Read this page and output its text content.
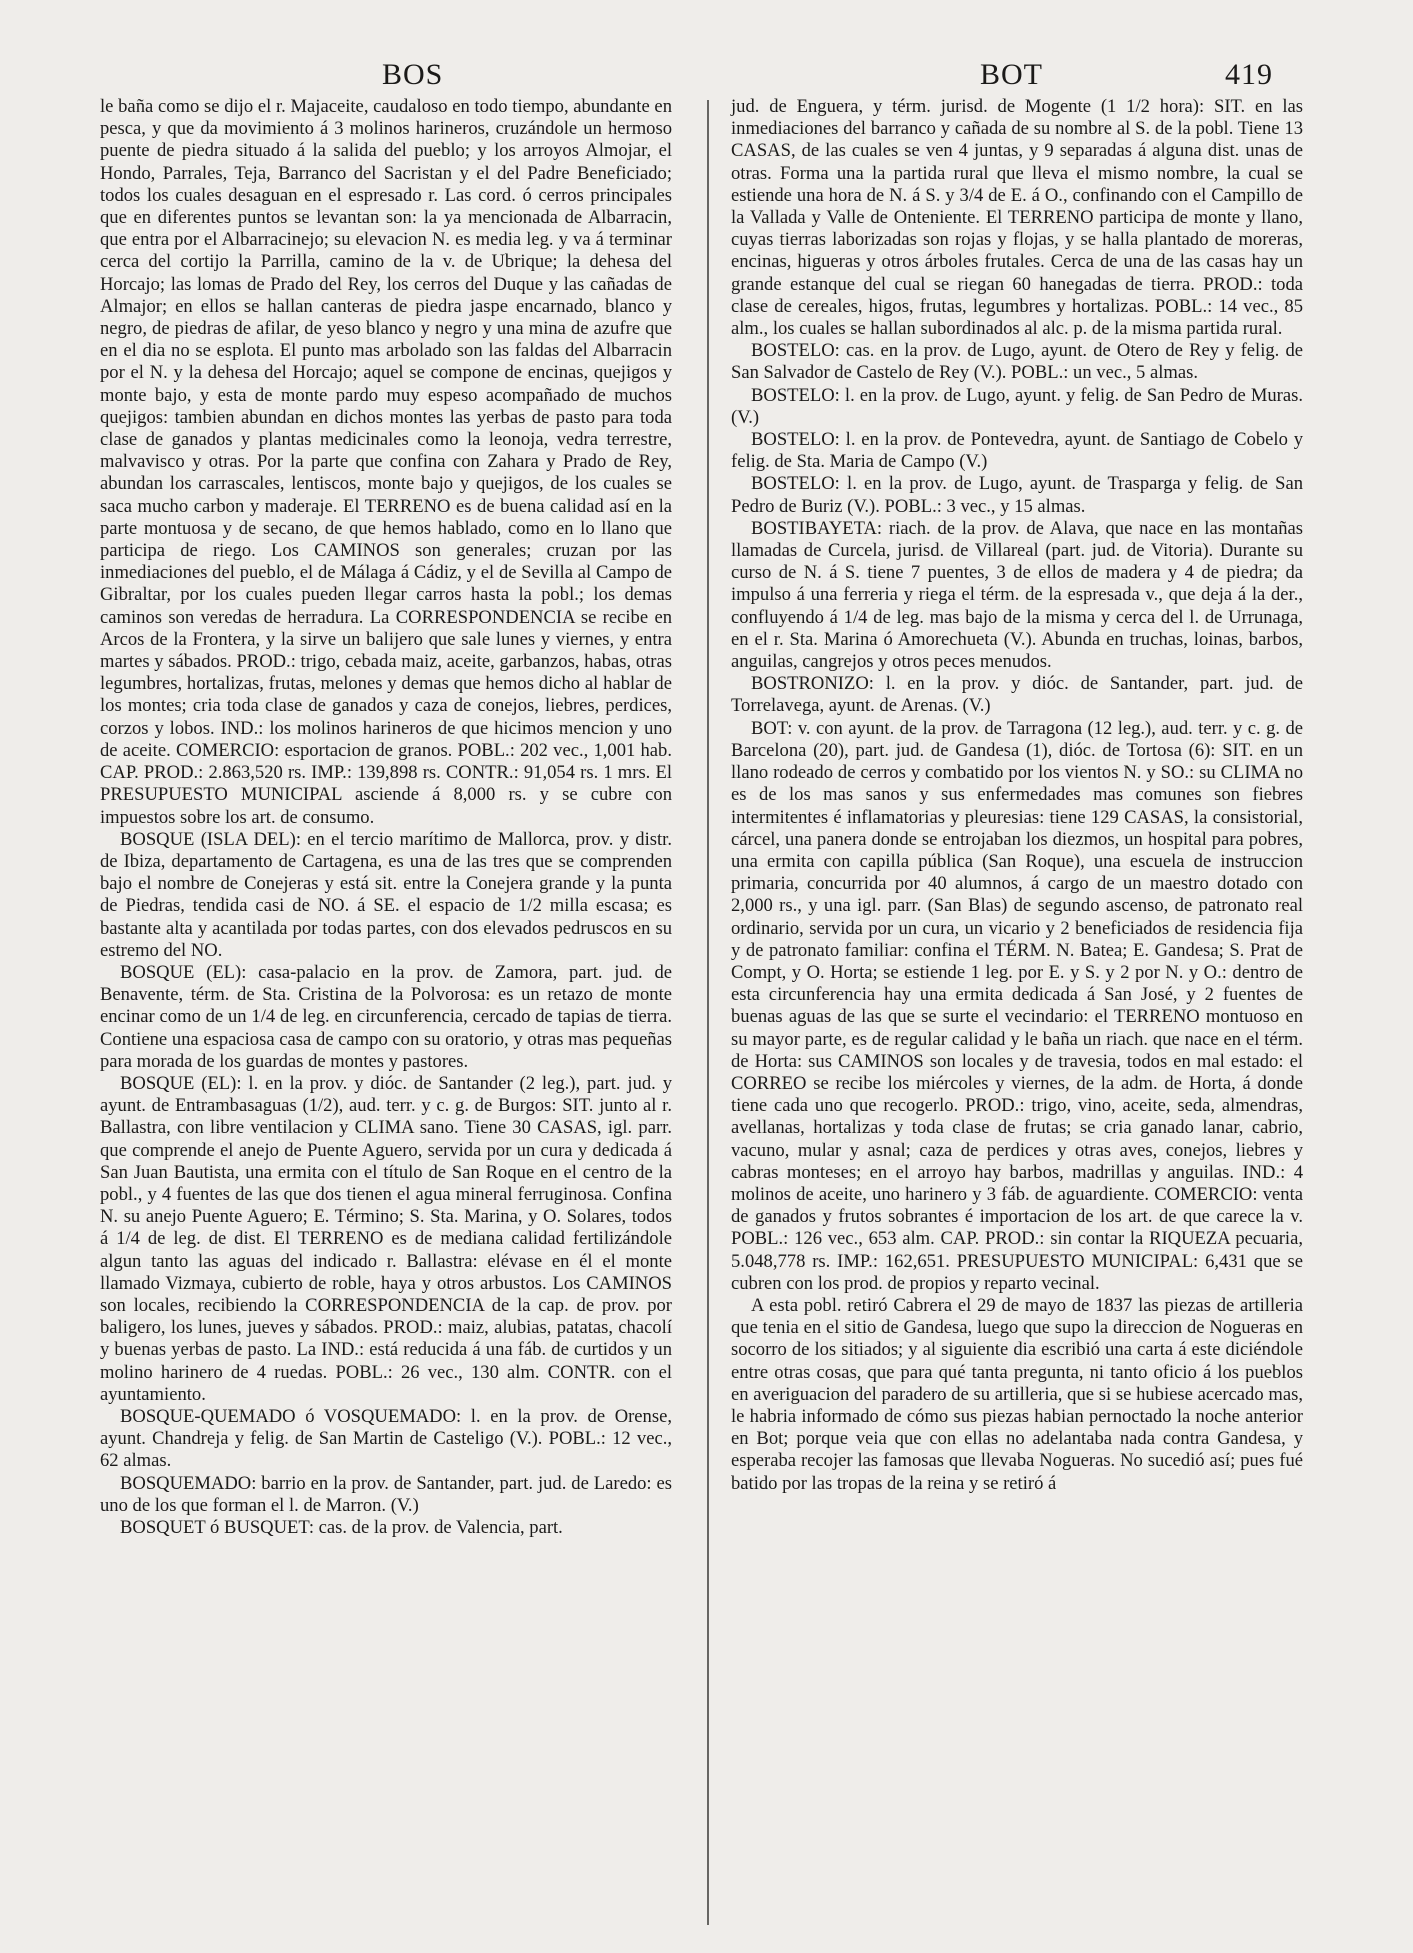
BOS	BOT	419

le baña como se dijo el r. Majaceite, caudaloso en todo tiempo, abundante en pesca, y que da movimiento á 3 molinos harineros, cruzándole un hermoso puente de piedra situado á la salida del pueblo; y los arroyos Almojar, el Hondo, Parrales, Teja, Barranco del Sacristan y el del Padre Beneficiado; todos los cuales desaguan en el espresado r. Las cord. ó cerros principales que en diferentes puntos se levantan son: la ya mencionada de Albarracin, que entra por el Albarracinejo; su elevacion N. es media leg. y va á terminar cerca del cortijo la Parrilla, camino de la v. de Ubrique; la dehesa del Horcajo; las lomas de Prado del Rey, los cerros del Duque y las cañadas de Almajor; en ellos se hallan canteras de piedra jaspe encarnado, blanco y negro, de piedras de afilar, de yeso blanco y negro y una mina de azufre que en el dia no se esplota. El punto mas arbolado son las faldas del Albarracin por el N. y la dehesa del Horcajo; aquel se compone de encinas, quejigos y monte bajo, y esta de monte pardo muy espeso acompañado de muchos quejigos: tambien abundan en dichos montes las yerbas de pasto para toda clase de ganados y plantas medicinales como la leonoja, vedra terrestre, malvavisco y otras. Por la parte que confina con Zahara y Prado de Rey, abundan los carrascales, lentiscos, monte bajo y quejigos, de los cuales se saca mucho carbon y maderaje. El TERRENO es de buena calidad así en la parte montuosa y de secano, de que hemos hablado, como en lo llano que participa de riego. Los CAMINOS son generales; cruzan por las inmediaciones del pueblo, el de Málaga á Cádiz, y el de Sevilla al Campo de Gibraltar, por los cuales pueden llegar carros hasta la pobl.; los demas caminos son veredas de herradura. La CORRESPONDENCIA se recibe en Arcos de la Frontera, y la sirve un balijero que sale lunes y viernes, y entra martes y sábados. PROD.: trigo, cebada maiz, aceite, garbanzos, habas, otras legumbres, hortalizas, frutas, melones y demas que hemos dicho al hablar de los montes; cria toda clase de ganados y caza de conejos, liebres, perdices, corzos y lobos. IND.: los molinos harineros de que hicimos mencion y uno de aceite. COMERCIO: esportacion de granos. POBL.: 202 vec., 1,001 hab. CAP. PROD.: 2.863,520 rs. IMP.: 139,898 rs. CONTR.: 91,054 rs. 1 mrs. El PRESUPUESTO MUNICIPAL asciende á 8,000 rs. y se cubre con impuestos sobre los art. de consumo.

BOSQUE (ISLA DEL): en el tercio marítimo de Mallorca, prov. y distr. de Ibiza, departamento de Cartagena, es una de las tres que se comprenden bajo el nombre de Conejeras y está sit. entre la Conejera grande y la punta de Piedras, tendida casi de NO. á SE. el espacio de 1/2 milla escasa; es bastante alta y acantilada por todas partes, con dos elevados pedruscos en su estremo del NO.

BOSQUE (EL): casa-palacio en la prov. de Zamora, part. jud. de Benavente, térm. de Sta. Cristina de la Polvorosa: es un retazo de monte encinar como de un 1/4 de leg. en circunferencia, cercado de tapias de tierra. Contiene una espaciosa casa de campo con su oratorio, y otras mas pequeñas para morada de los guardas de montes y pastores.

BOSQUE (EL): l. en la prov. y dióc. de Santander (2 leg.), part. jud. y ayunt. de Entrambasaguas (1/2), aud. terr. y c. g. de Burgos: SIT. junto al r. Ballastra, con libre ventilacion y CLIMA sano. Tiene 30 CASAS, igl. parr. que comprende el anejo de Puente Aguero, servida por un cura y dedicada á San Juan Bautista, una ermita con el título de San Roque en el centro de la pobl., y 4 fuentes de las que dos tienen el agua mineral ferruginosa. Confina N. su anejo Puente Aguero; E. Término; S. Sta. Marina, y O. Solares, todos á 1/4 de leg. de dist. El TERRENO es de mediana calidad fertilizándole algun tanto las aguas del indicado r. Ballastra: elévase en él el monte llamado Vizmaya, cubierto de roble, haya y otros arbustos. Los CAMINOS son locales, recibiendo la CORRESPONDENCIA de la cap. de prov. por baligero, los lunes, jueves y sábados. PROD.: maiz, alubias, patatas, chacolí y buenas yerbas de pasto. La IND.: está reducida á una fáb. de curtidos y un molino harinero de 4 ruedas. POBL.: 26 vec., 130 alm. CONTR. con el ayuntamiento.

BOSQUE-QUEMADO ó VOSQUEMADO: l. en la prov. de Orense, ayunt. Chandreja y felig. de San Martin de Casteligo (V.). POBL.: 12 vec., 62 almas.

BOSQUEMADO: barrio en la prov. de Santander, part. jud. de Laredo: es uno de los que forman el l. de Marron. (V.)

BOSQUET ó BUSQUET: cas. de la prov. de Valencia, part.

jud. de Enguera, y térm. jurisd. de Mogente (1 1/2 hora): SIT. en las inmediaciones del barranco y cañada de su nombre al S. de la pobl. Tiene 13 CASAS, de las cuales se ven 4 juntas, y 9 separadas á alguna dist. unas de otras. Forma una la partida rural que lleva el mismo nombre, la cual se estiende una hora de N. á S. y 3/4 de E. á O., confinando con el Campillo de la Vallada y Valle de Onteniente. El TERRENO participa de monte y llano, cuyas tierras laborizadas son rojas y flojas, y se halla plantado de moreras, encinas, higueras y otros árboles frutales. Cerca de una de las casas hay un grande estanque del cual se riegan 60 hanegadas de tierra. PROD.: toda clase de cereales, higos, frutas, legumbres y hortalizas. POBL.: 14 vec., 85 alm., los cuales se hallan subordinados al alc. p. de la misma partida rural.

BOSTELO: cas. en la prov. de Lugo, ayunt. de Otero de Rey y felig. de San Salvador de Castelo de Rey (V.). POBL.: un vec., 5 almas.

BOSTELO: l. en la prov. de Lugo, ayunt. y felig. de San Pedro de Muras. (V.)

BOSTELO: l. en la prov. de Pontevedra, ayunt. de Santiago de Cobelo y felig. de Sta. Maria de Campo (V.)

BOSTELO: l. en la prov. de Lugo, ayunt. de Trasparga y felig. de San Pedro de Buriz (V.). POBL.: 3 vec., y 15 almas.

BOSTIBAYETA: riach. de la prov. de Alava, que nace en las montañas llamadas de Curcela, jurisd. de Villareal (part. jud. de Vitoria). Durante su curso de N. á S. tiene 7 puentes, 3 de ellos de madera y 4 de piedra; da impulso á una ferreria y riega el térm. de la espresada v., que deja á la der., confluyendo á 1/4 de leg. mas bajo de la misma y cerca del l. de Urrunaga, en el r. Sta. Marina ó Amorechueta (V.). Abunda en truchas, loinas, barbos, anguilas, cangrejos y otros peces menudos.

BOSTRONIZO: l. en la prov. y dióc. de Santander, part. jud. de Torrelavega, ayunt. de Arenas. (V.)

BOT: v. con ayunt. de la prov. de Tarragona (12 leg.), aud. terr. y c. g. de Barcelona (20), part. jud. de Gandesa (1), dióc. de Tortosa (6): SIT. en un llano rodeado de cerros y combatido por los vientos N. y SO.: su CLIMA no es de los mas sanos y sus enfermedades mas comunes son fiebres intermitentes é inflamatorias y pleuresias: tiene 129 CASAS, la consistorial, cárcel, una panera donde se entrojaban los diezmos, un hospital para pobres, una ermita con capilla pública (San Roque), una escuela de instruccion primaria, concurrida por 40 alumnos, á cargo de un maestro dotado con 2,000 rs., y una igl. parr. (San Blas) de segundo ascenso, de patronato real ordinario, servida por un cura, un vicario y 2 beneficiados de residencia fija y de patronato familiar: confina el TÉRM. N. Batea; E. Gandesa; S. Prat de Compt, y O. Horta; se estiende 1 leg. por E. y S. y 2 por N. y O.: dentro de esta circunferencia hay una ermita dedicada á San José, y 2 fuentes de buenas aguas de las que se surte el vecindario: el TERRENO montuoso en su mayor parte, es de regular calidad y le baña un riach. que nace en el térm. de Horta: sus CAMINOS son locales y de travesia, todos en mal estado: el CORREO se recibe los miércoles y viernes, de la adm. de Horta, á donde tiene cada uno que recogerlo. PROD.: trigo, vino, aceite, seda, almendras, avellanas, hortalizas y toda clase de frutas; se cria ganado lanar, cabrio, vacuno, mular y asnal; caza de perdices y otras aves, conejos, liebres y cabras monteses; en el arroyo hay barbos, madrillas y anguilas. IND.: 4 molinos de aceite, uno harinero y 3 fáb. de aguardiente. COMERCIO: venta de ganados y frutos sobrantes é importacion de los art. de que carece la v. POBL.: 126 vec., 653 alm. CAP. PROD.: sin contar la RIQUEZA pecuaria, 5.048,778 rs. IMP.: 162,651. PRESUPUESTO MUNICIPAL: 6,431 que se cubren con los prod. de propios y reparto vecinal.

A esta pobl. retiró Cabrera el 29 de mayo de 1837 las piezas de artilleria que tenia en el sitio de Gandesa, luego que supo la direccion de Nogueras en socorro de los sitiados; y al siguiente dia escribió una carta á este diciéndole entre otras cosas, que para qué tanta pregunta, ni tanto oficio á los pueblos en averiguacion del paradero de su artilleria, que si se hubiese acercado mas, le habria informado de cómo sus piezas habian pernoctado la noche anterior en Bot; porque veia que con ellas no adelantaba nada contra Gandesa, y esperaba recojer las famosas que llevaba Nogueras. No sucedió así; pues fué batido por las tropas de la reina y se retiró á
